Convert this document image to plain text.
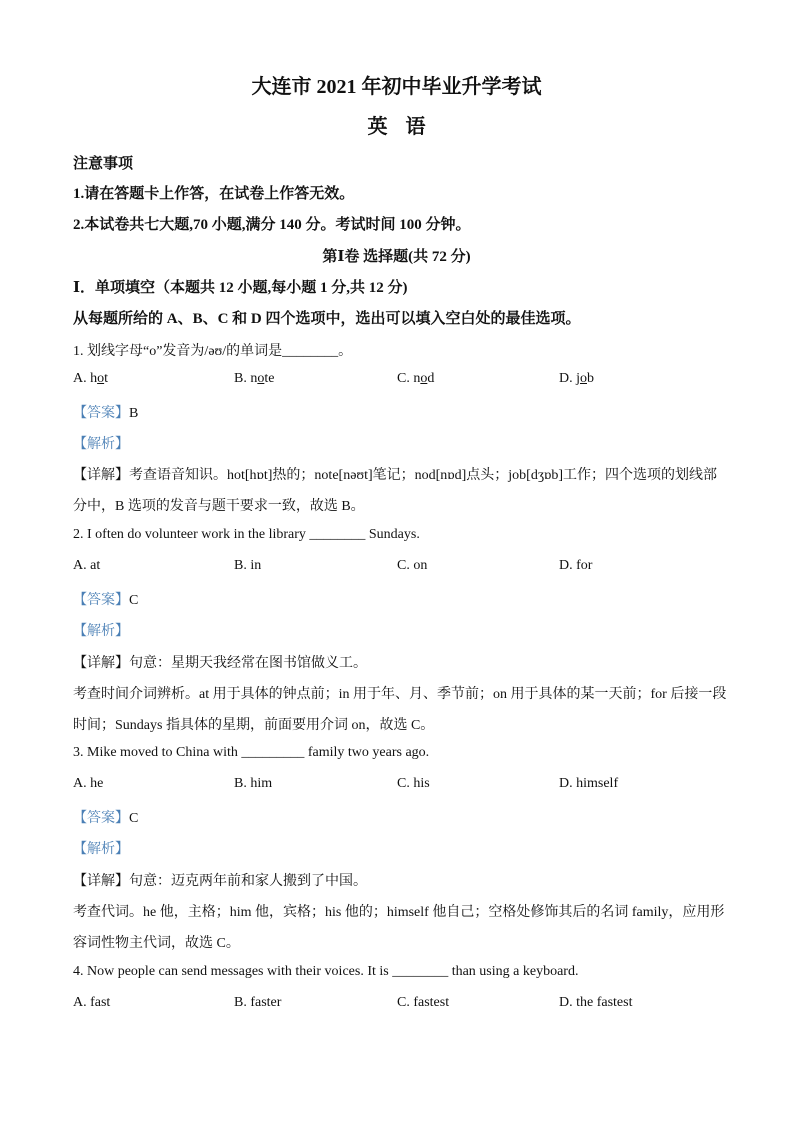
大连市 2021 年初中毕业升学考试
英语
注意事项
1.请在答题卡上作答，在试卷上作答无效。
2.本试卷共七大题,70 小题,满分 140 分。考试时间 100 分钟。
第Ⅰ卷 选择题(共 72 分)
Ⅰ．单项填空（本题共 12 小题,每小题 1 分,共 12 分)
从每题所给的 A、B、C 和 D 四个选项中，选出可以填入空白处的最佳选项。
1. 划线字母“o”发音为/əʊ/的单词是________。
A. hot	B. note	C. nod	D. job
【答案】B
【解析】
【详解】考查语音知识。hot[hɒt]热的；note[nəʊt]笔记；nod[nɒd]点头；job[dʒɒb]工作；四个选项的划线部
分中，B 选项的发音与题干要求一致，故选 B。
2. I often do volunteer work in the library ________ Sundays.
A. at	B. in	C. on	D. for
【答案】C
【解析】
【详解】句意：星期天我经常在图书馆做义工。
考查时间介词辨析。at 用于具体的钟点前；in 用于年、月、季节前；on 用于具体的某一天前；for 后接一段
时间；Sundays 指具体的星期，前面要用介词 on，故选 C。
3. Mike moved to China with _________ family two years ago.
A. he	B. him	C. his	D. himself
【答案】C
【解析】
【详解】句意：迈克两年前和家人搬到了中国。
考查代词。he 他，主格；him 他，宾格；his 他的；himself 他自己；空格处修饰其后的名词 family，应用形
容词性物主代词，故选 C。
4. Now people can send messages with their voices. It is ________ than using a keyboard.
A. fast	B. faster	C. fastest	D. the fastest
